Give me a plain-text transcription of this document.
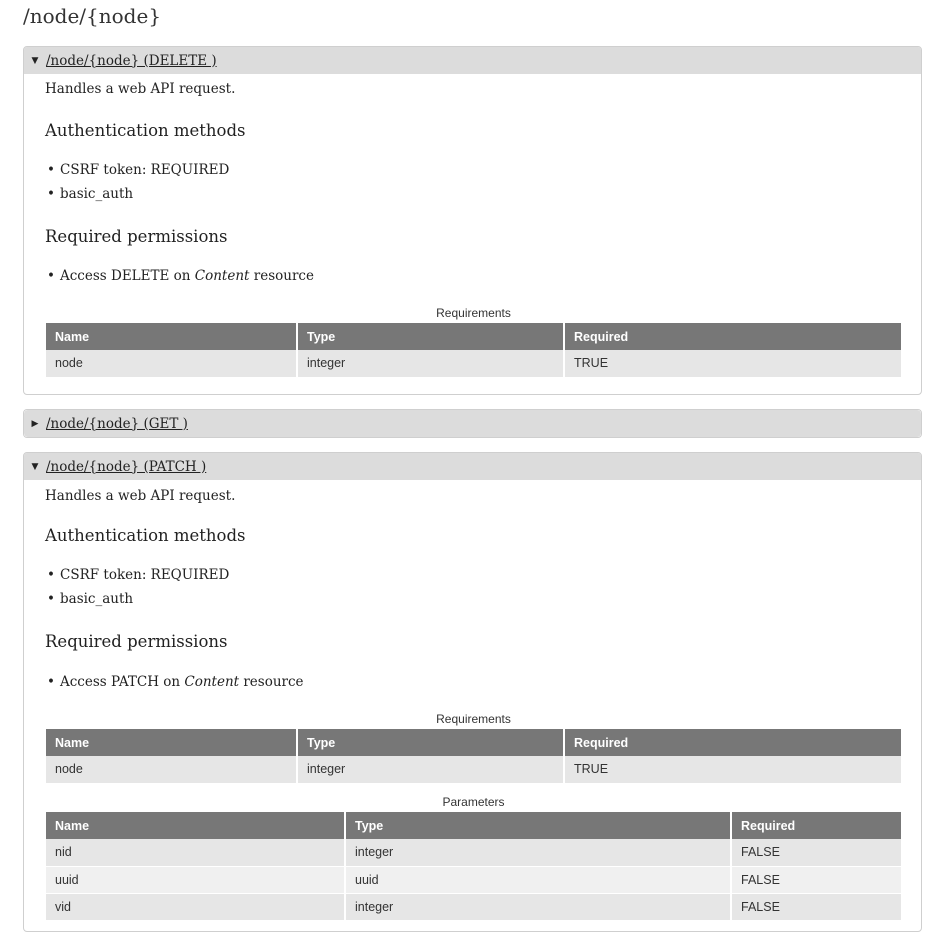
/node/{node}
▼ /node/{node} (DELETE )
Handles a web API request.
Authentication methods
• CSRF token: REQUIRED
• basic_auth
Required permissions
• Access DELETE on Content resource
Requirements
Name	Type	Required
node	integer	TRUE
▶ /node/{node} (GET )
▼ /node/{node} (PATCH )
Handles a web API request.
Authentication methods
• CSRF token: REQUIRED
• basic_auth
Required permissions
• Access PATCH on Content resource
Requirements
Name	Type	Required
node	integer	TRUE
Parameters
Name	Type	Required
nid	integer	FALSE
uuid	uuid	FALSE
vid	integer	FALSE
